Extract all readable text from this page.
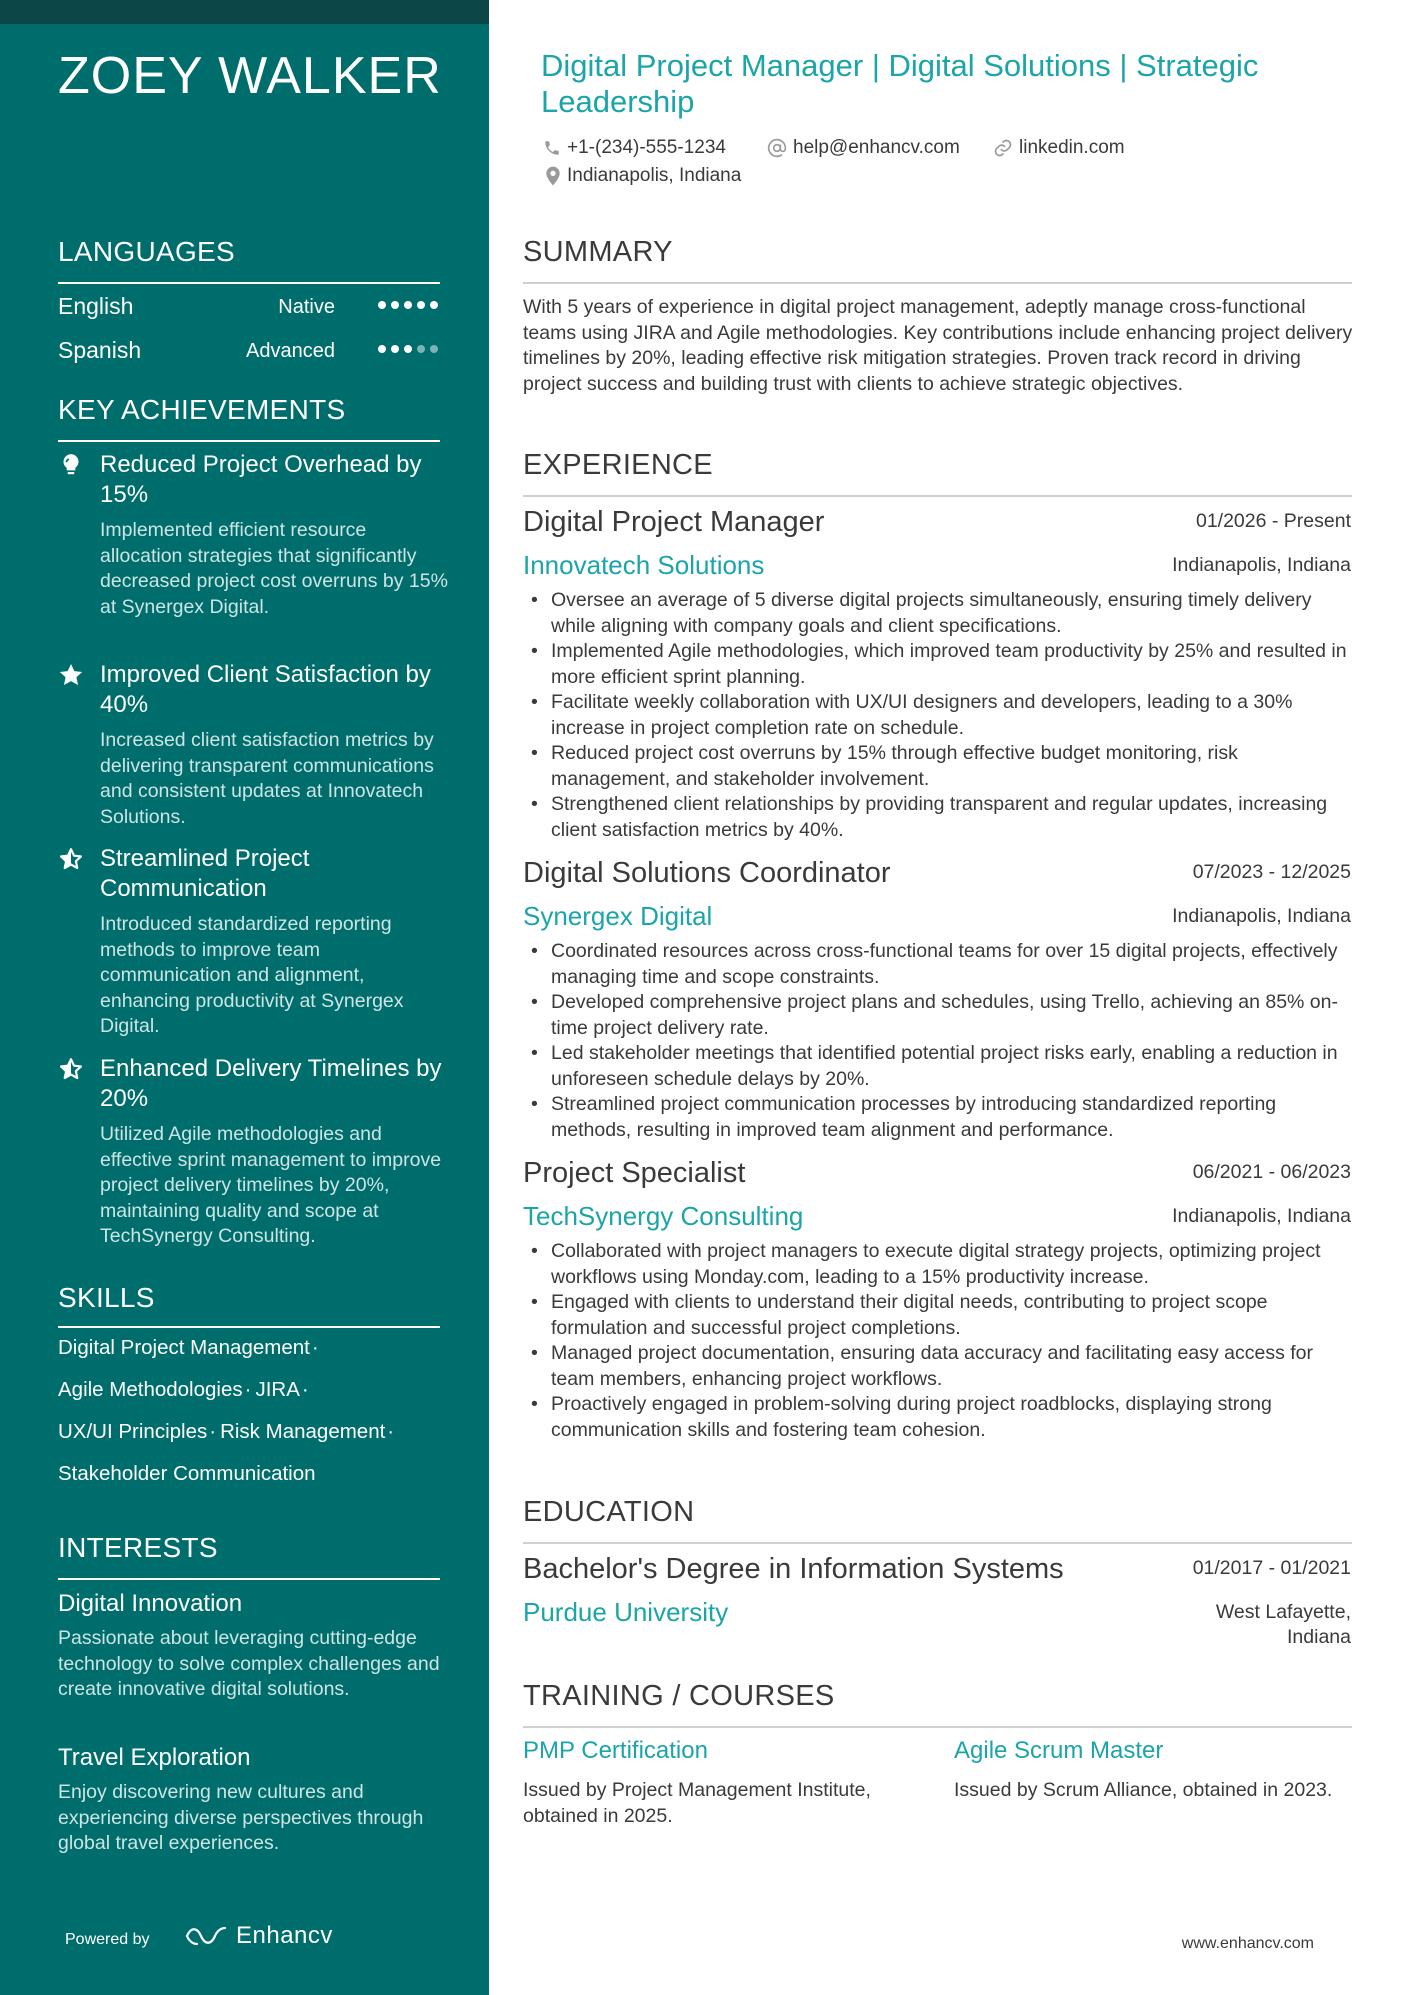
ZOEY WALKER
LANGUAGES
English	Native
Spanish	Advanced
KEY ACHIEVEMENTS
Reduced Project Overhead by 15%
Implemented efficient resource allocation strategies that significantly decreased project cost overruns by 15% at Synergex Digital.
Improved Client Satisfaction by 40%
Increased client satisfaction metrics by delivering transparent communications and consistent updates at Innovatech Solutions.
Streamlined Project Communication
Introduced standardized reporting methods to improve team communication and alignment, enhancing productivity at Synergex Digital.
Enhanced Delivery Timelines by 20%
Utilized Agile methodologies and effective sprint management to improve project delivery timelines by 20%, maintaining quality and scope at TechSynergy Consulting.
SKILLS
Digital Project Management·
Agile Methodologies· JIRA·
UX/UI Principles· Risk Management·
Stakeholder Communication
INTERESTS
Digital Innovation
Passionate about leveraging cutting-edge technology to solve complex challenges and create innovative digital solutions.
Travel Exploration
Enjoy discovering new cultures and experiencing diverse perspectives through global travel experiences.
Powered by	Enhancv
Digital Project Manager | Digital Solutions | Strategic Leadership
+1-(234)-555-1234	help@enhancv.com	linkedin.com
Indianapolis, Indiana
SUMMARY
With 5 years of experience in digital project management, adeptly manage cross-functional teams using JIRA and Agile methodologies. Key contributions include enhancing project delivery timelines by 20%, leading effective risk mitigation strategies. Proven track record in driving project success and building trust with clients to achieve strategic objectives.
EXPERIENCE
Digital Project Manager	01/2026 - Present
Innovatech Solutions	Indianapolis, Indiana
• Oversee an average of 5 diverse digital projects simultaneously, ensuring timely delivery while aligning with company goals and client specifications.
• Implemented Agile methodologies, which improved team productivity by 25% and resulted in more efficient sprint planning.
• Facilitate weekly collaboration with UX/UI designers and developers, leading to a 30% increase in project completion rate on schedule.
• Reduced project cost overruns by 15% through effective budget monitoring, risk management, and stakeholder involvement.
• Strengthened client relationships by providing transparent and regular updates, increasing client satisfaction metrics by 40%.
Digital Solutions Coordinator	07/2023 - 12/2025
Synergex Digital	Indianapolis, Indiana
• Coordinated resources across cross-functional teams for over 15 digital projects, effectively managing time and scope constraints.
• Developed comprehensive project plans and schedules, using Trello, achieving an 85% on-time project delivery rate.
• Led stakeholder meetings that identified potential project risks early, enabling a reduction in unforeseen schedule delays by 20%.
• Streamlined project communication processes by introducing standardized reporting methods, resulting in improved team alignment and performance.
Project Specialist	06/2021 - 06/2023
TechSynergy Consulting	Indianapolis, Indiana
• Collaborated with project managers to execute digital strategy projects, optimizing project workflows using Monday.com, leading to a 15% productivity increase.
• Engaged with clients to understand their digital needs, contributing to project scope formulation and successful project completions.
• Managed project documentation, ensuring data accuracy and facilitating easy access for team members, enhancing project workflows.
• Proactively engaged in problem-solving during project roadblocks, displaying strong communication skills and fostering team cohesion.
EDUCATION
Bachelor's Degree in Information Systems	01/2017 - 01/2021
Purdue University	West Lafayette,
Indiana
TRAINING / COURSES
PMP Certification
Issued by Project Management Institute, obtained in 2025.
Agile Scrum Master
Issued by Scrum Alliance, obtained in 2023.
www.enhancv.com
